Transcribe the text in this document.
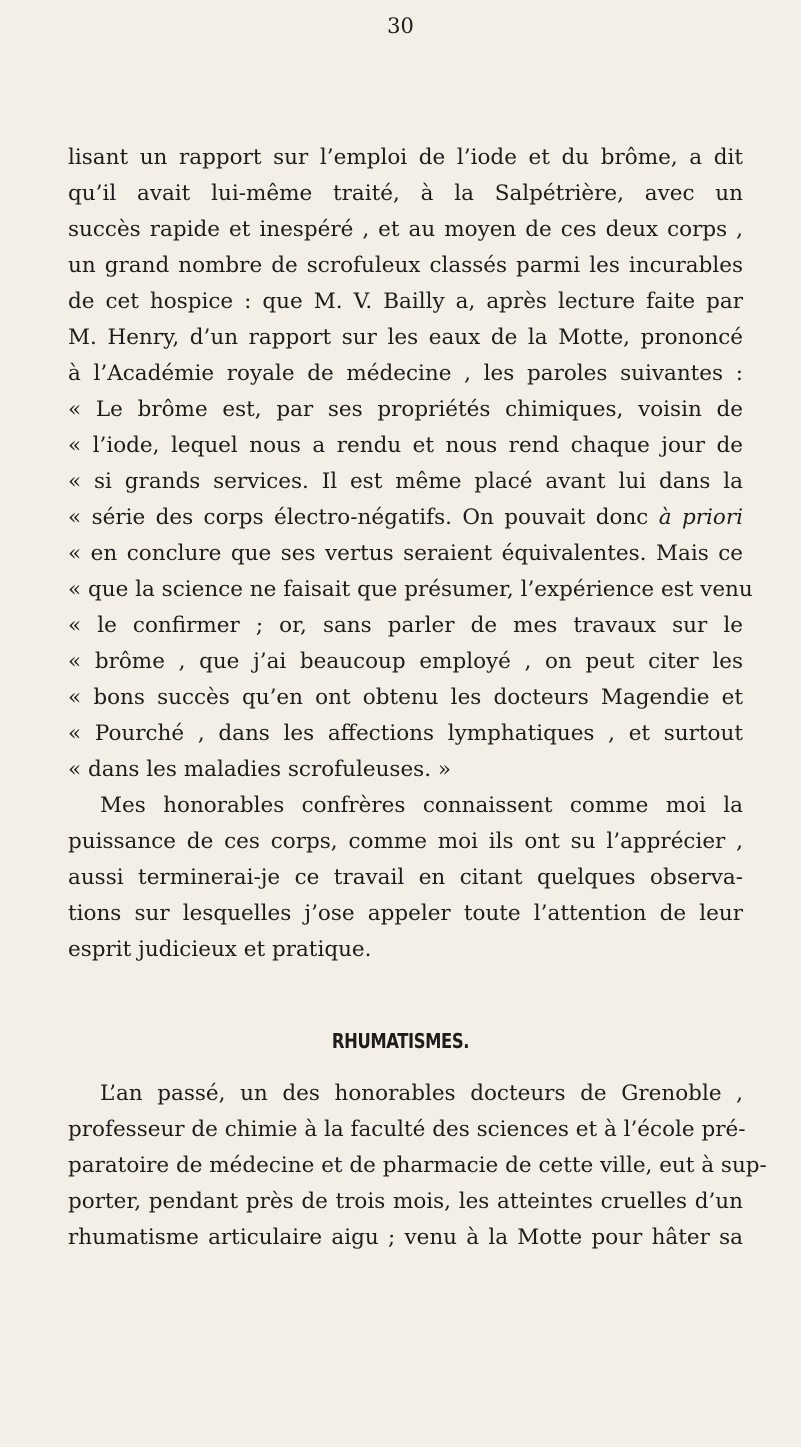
30
lisant un rapport sur l’emploi de l’iode et du brôme, a dit
qu’il avait lui-même traité, à la Salpétrière, avec un
succès rapide et inespéré , et au moyen de ces deux corps ,
un grand nombre de scrofuleux classés parmi les incurables
de cet hospice : que M. V. Bailly a, après lecture faite par
M. Henry, d’un rapport sur les eaux de la Motte, prononcé
à l’Académie royale de médecine , les paroles suivantes :
« Le brôme est, par ses propriétés chimiques, voisin de
« l’iode, lequel nous a rendu et nous rend chaque jour de
« si grands services. Il est même placé avant lui dans la
« série des corps électro-négatifs. On pouvait donc à priori
« en conclure que ses vertus seraient équivalentes. Mais ce
« que la science ne faisait que présumer, l’expérience est venu
« le confirmer ; or, sans parler de mes travaux sur le
« brôme , que j’ai beaucoup employé , on peut citer les
« bons succès qu’en ont obtenu les docteurs Magendie et
« Pourché , dans les affections lymphatiques , et surtout
« dans les maladies scrofuleuses. »
Mes honorables confrères connaissent comme moi la
puissance de ces corps, comme moi ils ont su l’apprécier ,
aussi terminerai-je ce travail en citant quelques observa-
tions sur lesquelles j’ose appeler toute l’attention de leur
esprit judicieux et pratique.
RHUMATISMES.
L’an passé, un des honorables docteurs de Grenoble ,
professeur de chimie à la faculté des sciences et à l’école pré-
paratoire de médecine et de pharmacie de cette ville, eut à sup-
porter, pendant près de trois mois, les atteintes cruelles d’un
rhumatisme articulaire aigu ; venu à la Motte pour hâter sa
